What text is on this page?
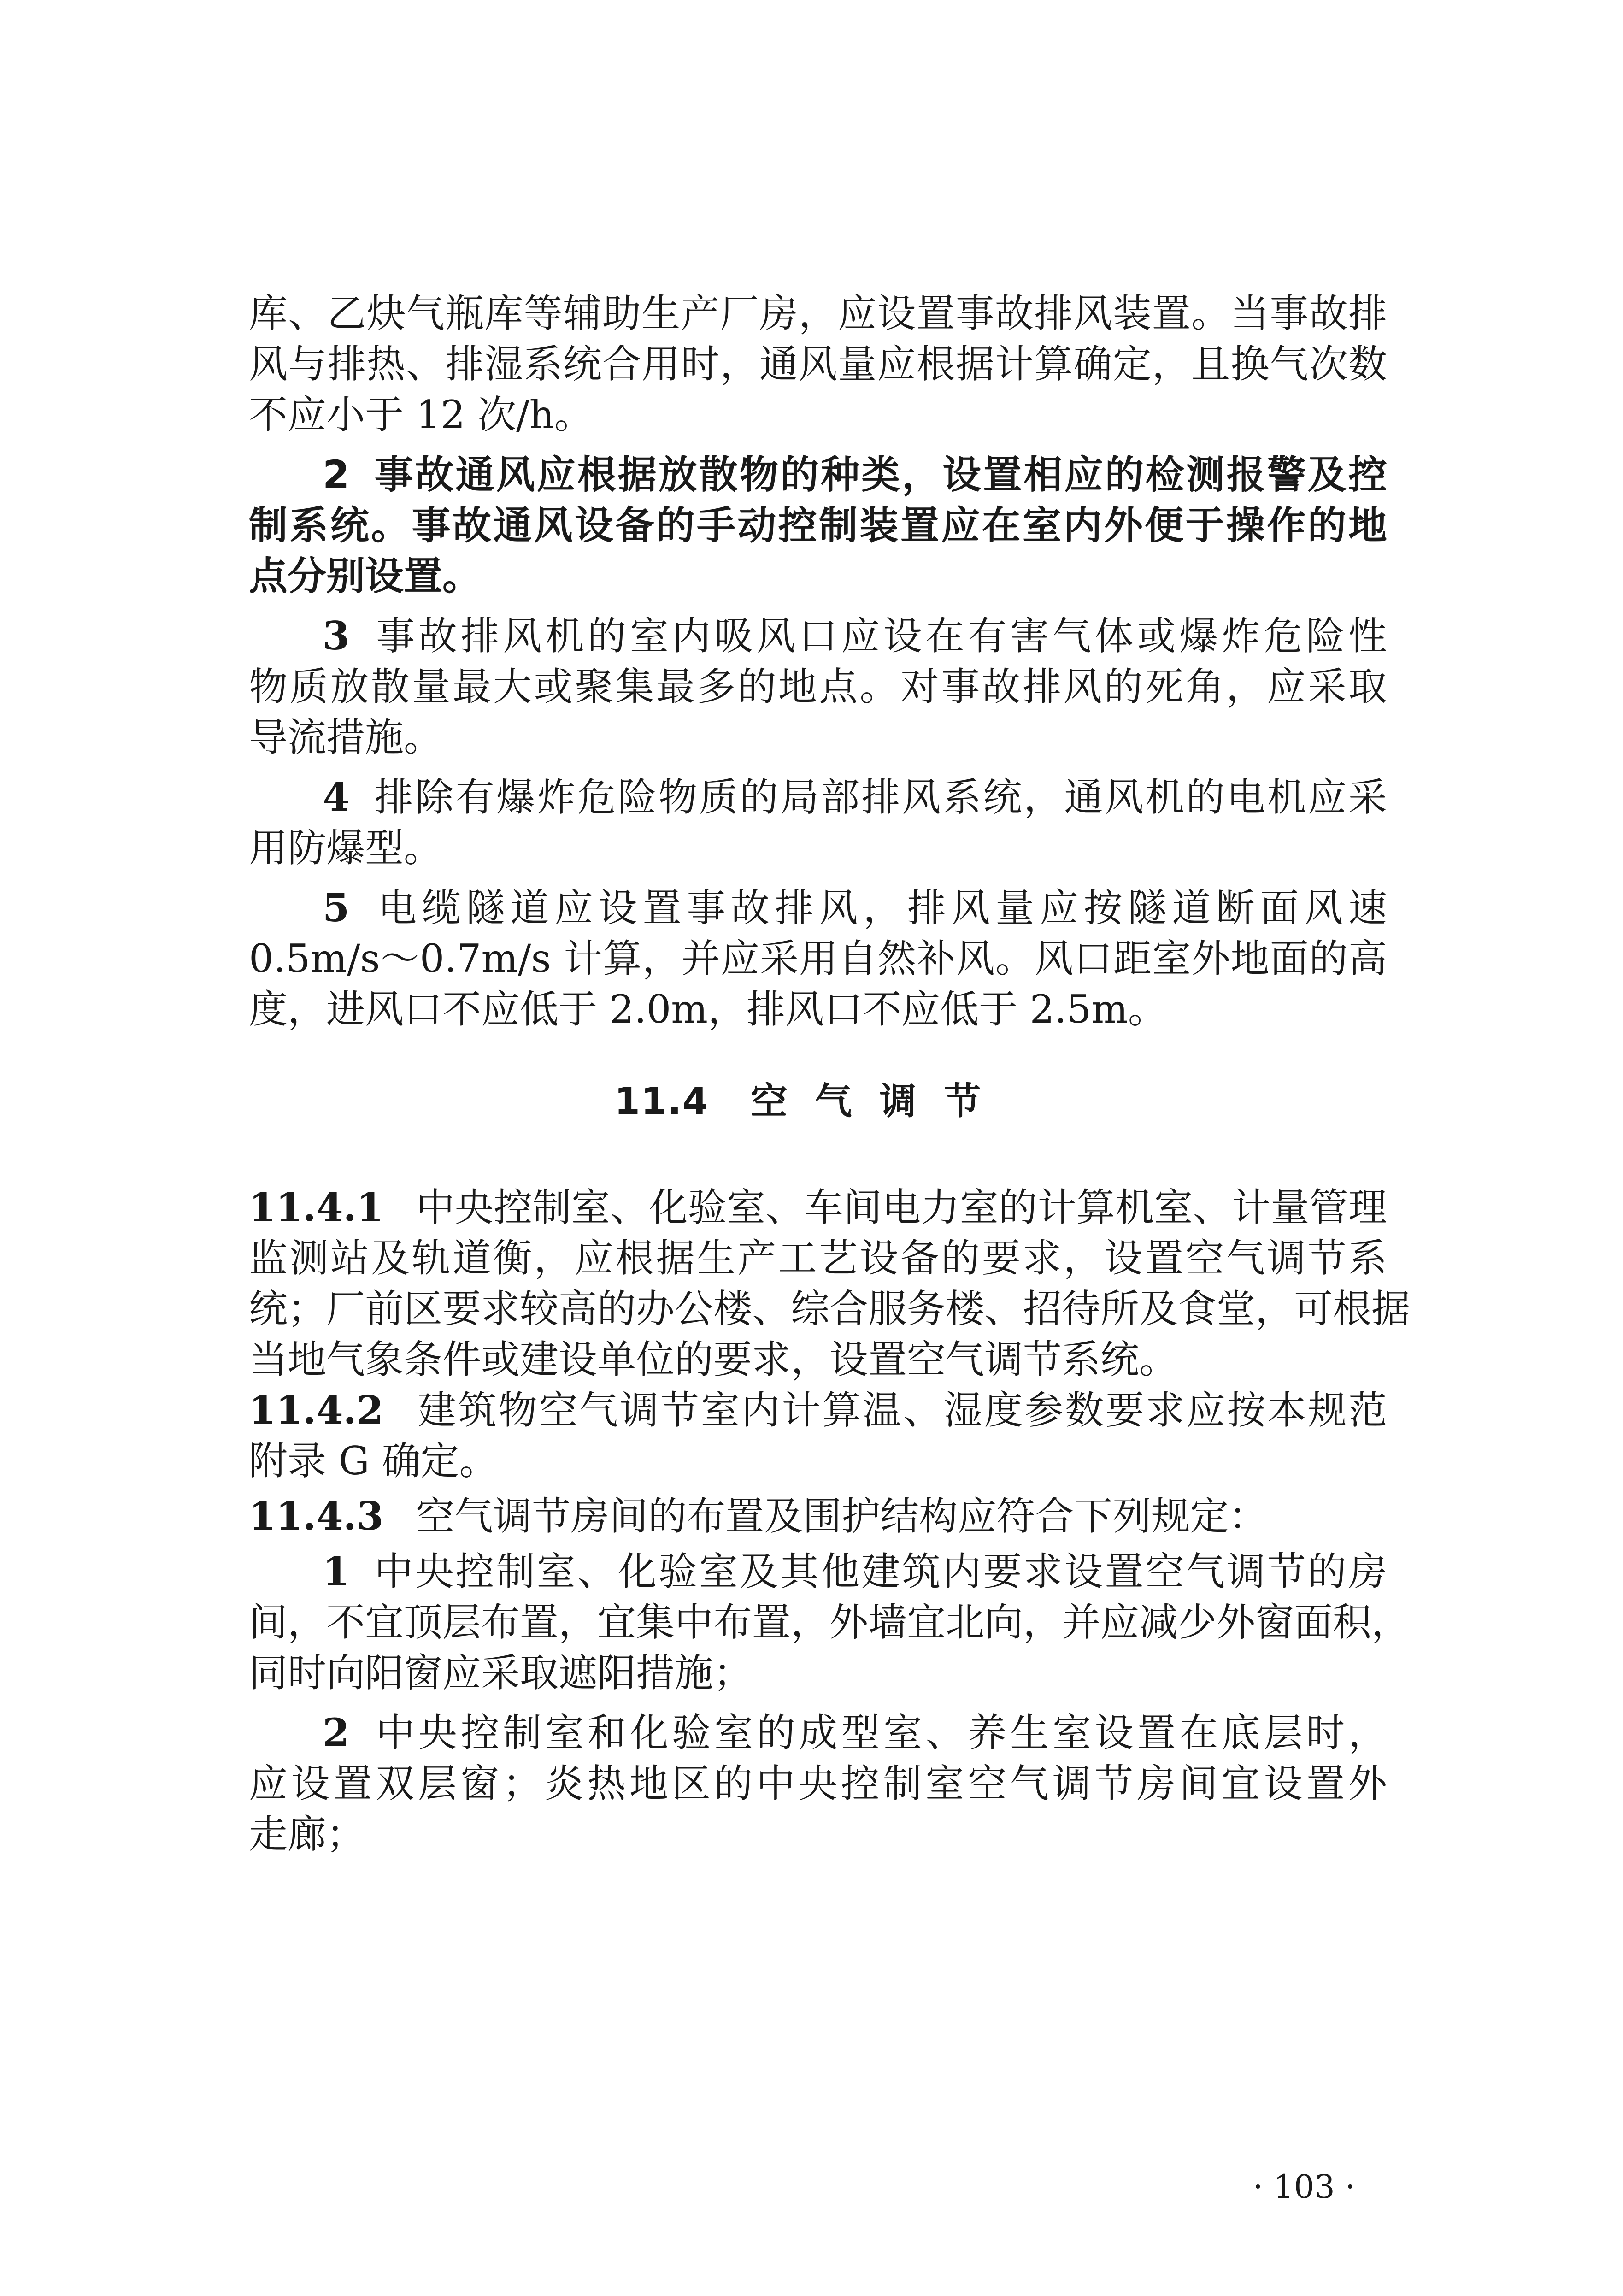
库、乙炔气瓶库等辅助生产厂房，应设置事故排风装置。当事故排
风与排热、排湿系统合用时，通风量应根据计算确定，且换气次数
不应小于 12 次/h。
2 事故通风应根据放散物的种类，设置相应的检测报警及控
制系统。事故通风设备的手动控制装置应在室内外便于操作的地
点分别设置。
3 事故排风机的室内吸风口应设在有害气体或爆炸危险性
物质放散量最大或聚集最多的地点。对事故排风的死角，应采取
导流措施。
4 排除有爆炸危险物质的局部排风系统，通风机的电机应采
用防爆型。
5 电缆隧道应设置事故排风，排风量应按隧道断面风速
0.5m/s～0.7m/s 计算，并应采用自然补风。风口距室外地面的高
度，进风口不应低于 2.0m，排风口不应低于 2.5m。
11.4 空气调节
11.4.1 中央控制室、化验室、车间电力室的计算机室、计量管理
监测站及轨道衡，应根据生产工艺设备的要求，设置空气调节系
统；厂前区要求较高的办公楼、综合服务楼、招待所及食堂，可根据
当地气象条件或建设单位的要求，设置空气调节系统。
11.4.2 建筑物空气调节室内计算温、湿度参数要求应按本规范
附录 G 确定。
11.4.3 空气调节房间的布置及围护结构应符合下列规定：
1 中央控制室、化验室及其他建筑内要求设置空气调节的房
间，不宜顶层布置，宜集中布置，外墙宜北向，并应减少外窗面积，
同时向阳窗应采取遮阳措施；
2 中央控制室和化验室的成型室、养生室设置在底层时，
应设置双层窗；炎热地区的中央控制室空气调节房间宜设置外
走廊；
· 103 ·
